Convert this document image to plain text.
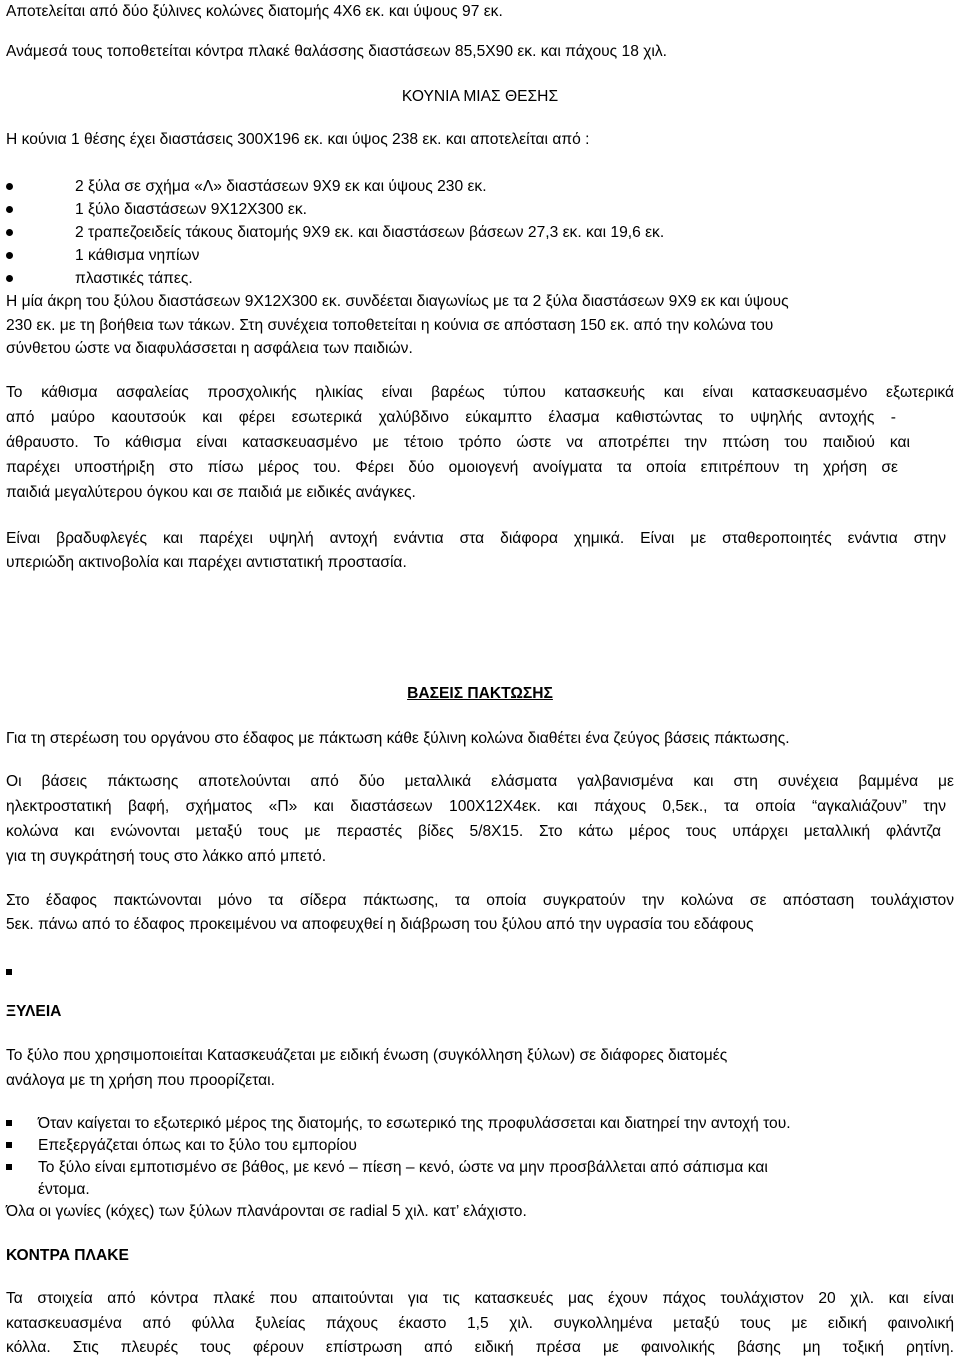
Αποτελείται από δύο ξύλινες κολώνες διατομής 4Χ6 εκ. και ύψους 97 εκ.
Ανάμεσά τους τοποθετείται κόντρα πλακέ θαλάσσης διαστάσεων 85,5Χ90 εκ. και πάχους 18 χιλ.
ΚΟΥΝΙΑ ΜΙΑΣ ΘΕΣΗΣ
Η κούνια 1 θέσης έχει διαστάσεις 300Χ196 εκ. και ύψος 238 εκ. και αποτελείται από :
2 ξύλα σε σχήμα «Λ» διαστάσεων 9Χ9 εκ και ύψους 230 εκ.
1 ξύλο διαστάσεων 9Χ12Χ300 εκ.
2 τραπεζοειδείς τάκους διατομής 9Χ9 εκ. και διαστάσεων βάσεων 27,3 εκ. και 19,6 εκ.
1 κάθισμα νηπίων
πλαστικές τάπες.
Η μία άκρη του ξύλου διαστάσεων 9Χ12Χ300 εκ. συνδέεται διαγωνίως με τα 2 ξύλα διαστάσεων 9Χ9 εκ και ύψους
230 εκ. με τη βοήθεια των τάκων. Στη συνέχεια τοποθετείται η κούνια σε απόσταση 150 εκ. από την κολώνα του
σύνθετου ώστε να διαφυλάσσεται η ασφάλεια των παιδιών.
Το κάθισμα ασφαλείας προσχολικής ηλικίας είναι βαρέως τύπου κατασκευής και είναι κατασκευασμένο εξωτερικά
από μαύρο καουτσούκ και φέρει εσωτερικά χαλύβδινο εύκαμπτο έλασμα καθιστώντας το υψηλής αντοχής -
άθραυστο. Το κάθισμα είναι κατασκευασμένο με τέτοιο τρόπο ώστε να αποτρέπει την πτώση του παιδιού και
παρέχει υποστήριξη στο πίσω μέρος του. Φέρει δύο ομοιογενή ανοίγματα τα οποία επιτρέπουν τη χρήση σε
παιδιά μεγαλύτερου όγκου και σε παιδιά με ειδικές ανάγκες.
Είναι βραδυφλεγές και παρέχει υψηλή αντοχή ενάντια στα διάφορα χημικά. Είναι με σταθεροποιητές ενάντια στην
υπεριώδη ακτινοβολία και παρέχει αντιστατική προστασία.
ΒΑΣΕΙΣ ΠΑΚΤΩΣΗΣ
Για τη στερέωση του οργάνου στο έδαφος με πάκτωση κάθε ξύλινη κολώνα διαθέτει ένα ζεύγος βάσεις πάκτωσης.
Οι βάσεις πάκτωσης αποτελούνται από δύο μεταλλικά ελάσματα γαλβανισμένα και στη συνέχεια βαμμένα με
ηλεκτροστατική βαφή, σχήματος «Π» και διαστάσεων 100Χ12Χ4εκ. και πάχους 0,5εκ., τα οποία “αγκαλιάζουν” την
κολώνα και ενώνονται μεταξύ τους με περαστές βίδες 5/8Χ15. Στο κάτω μέρος τους υπάρχει μεταλλική φλάντζα
για τη συγκράτησή τους στο λάκκο από μπετό.
Στο έδαφος πακτώνονται μόνο τα σίδερα πάκτωσης, τα οποία συγκρατούν την κολώνα σε απόσταση τουλάχιστον
5εκ. πάνω από το έδαφος προκειμένου να αποφευχθεί η διάβρωση του ξύλου από την υγρασία του εδάφους
ΞΥΛΕΙΑ
Το ξύλο που χρησιμοποιείται Κατασκευάζεται με ειδική ένωση (συγκόλληση ξύλων) σε διάφορες διατομές
ανάλογα με τη χρήση που προορίζεται.
Όταν καίγεται το εξωτερικό μέρος της διατομής, το εσωτερικό της προφυλάσσεται και διατηρεί την αντοχή του.
Επεξεργάζεται όπως και το ξύλο του εμπορίου
Το ξύλο είναι εμποτισμένο σε βάθος, με κενό – πίεση – κενό, ώστε να μην προσβάλλεται από σάπισμα και
έντομα.
Όλα οι γωνίες (κόχες) των ξύλων πλανάρονται σε radial 5 χιλ. κατ’ ελάχιστο.
ΚΟΝΤΡΑ ΠΛΑΚΕ
Τα στοιχεία από κόντρα πλακέ που απαιτούνται για τις κατασκευές μας έχουν πάχος τουλάχιστον 20 χιλ. και είναι
κατασκευασμένα από φύλλα ξυλείας πάχους έκαστο 1,5 χιλ. συγκολλημένα μεταξύ τους με ειδική φαινολική
κόλλα. Στις πλευρές τους φέρουν επίστρωση από ειδική πρέσα με φαινολικής βάσης μη τοξική ρητίνη.
